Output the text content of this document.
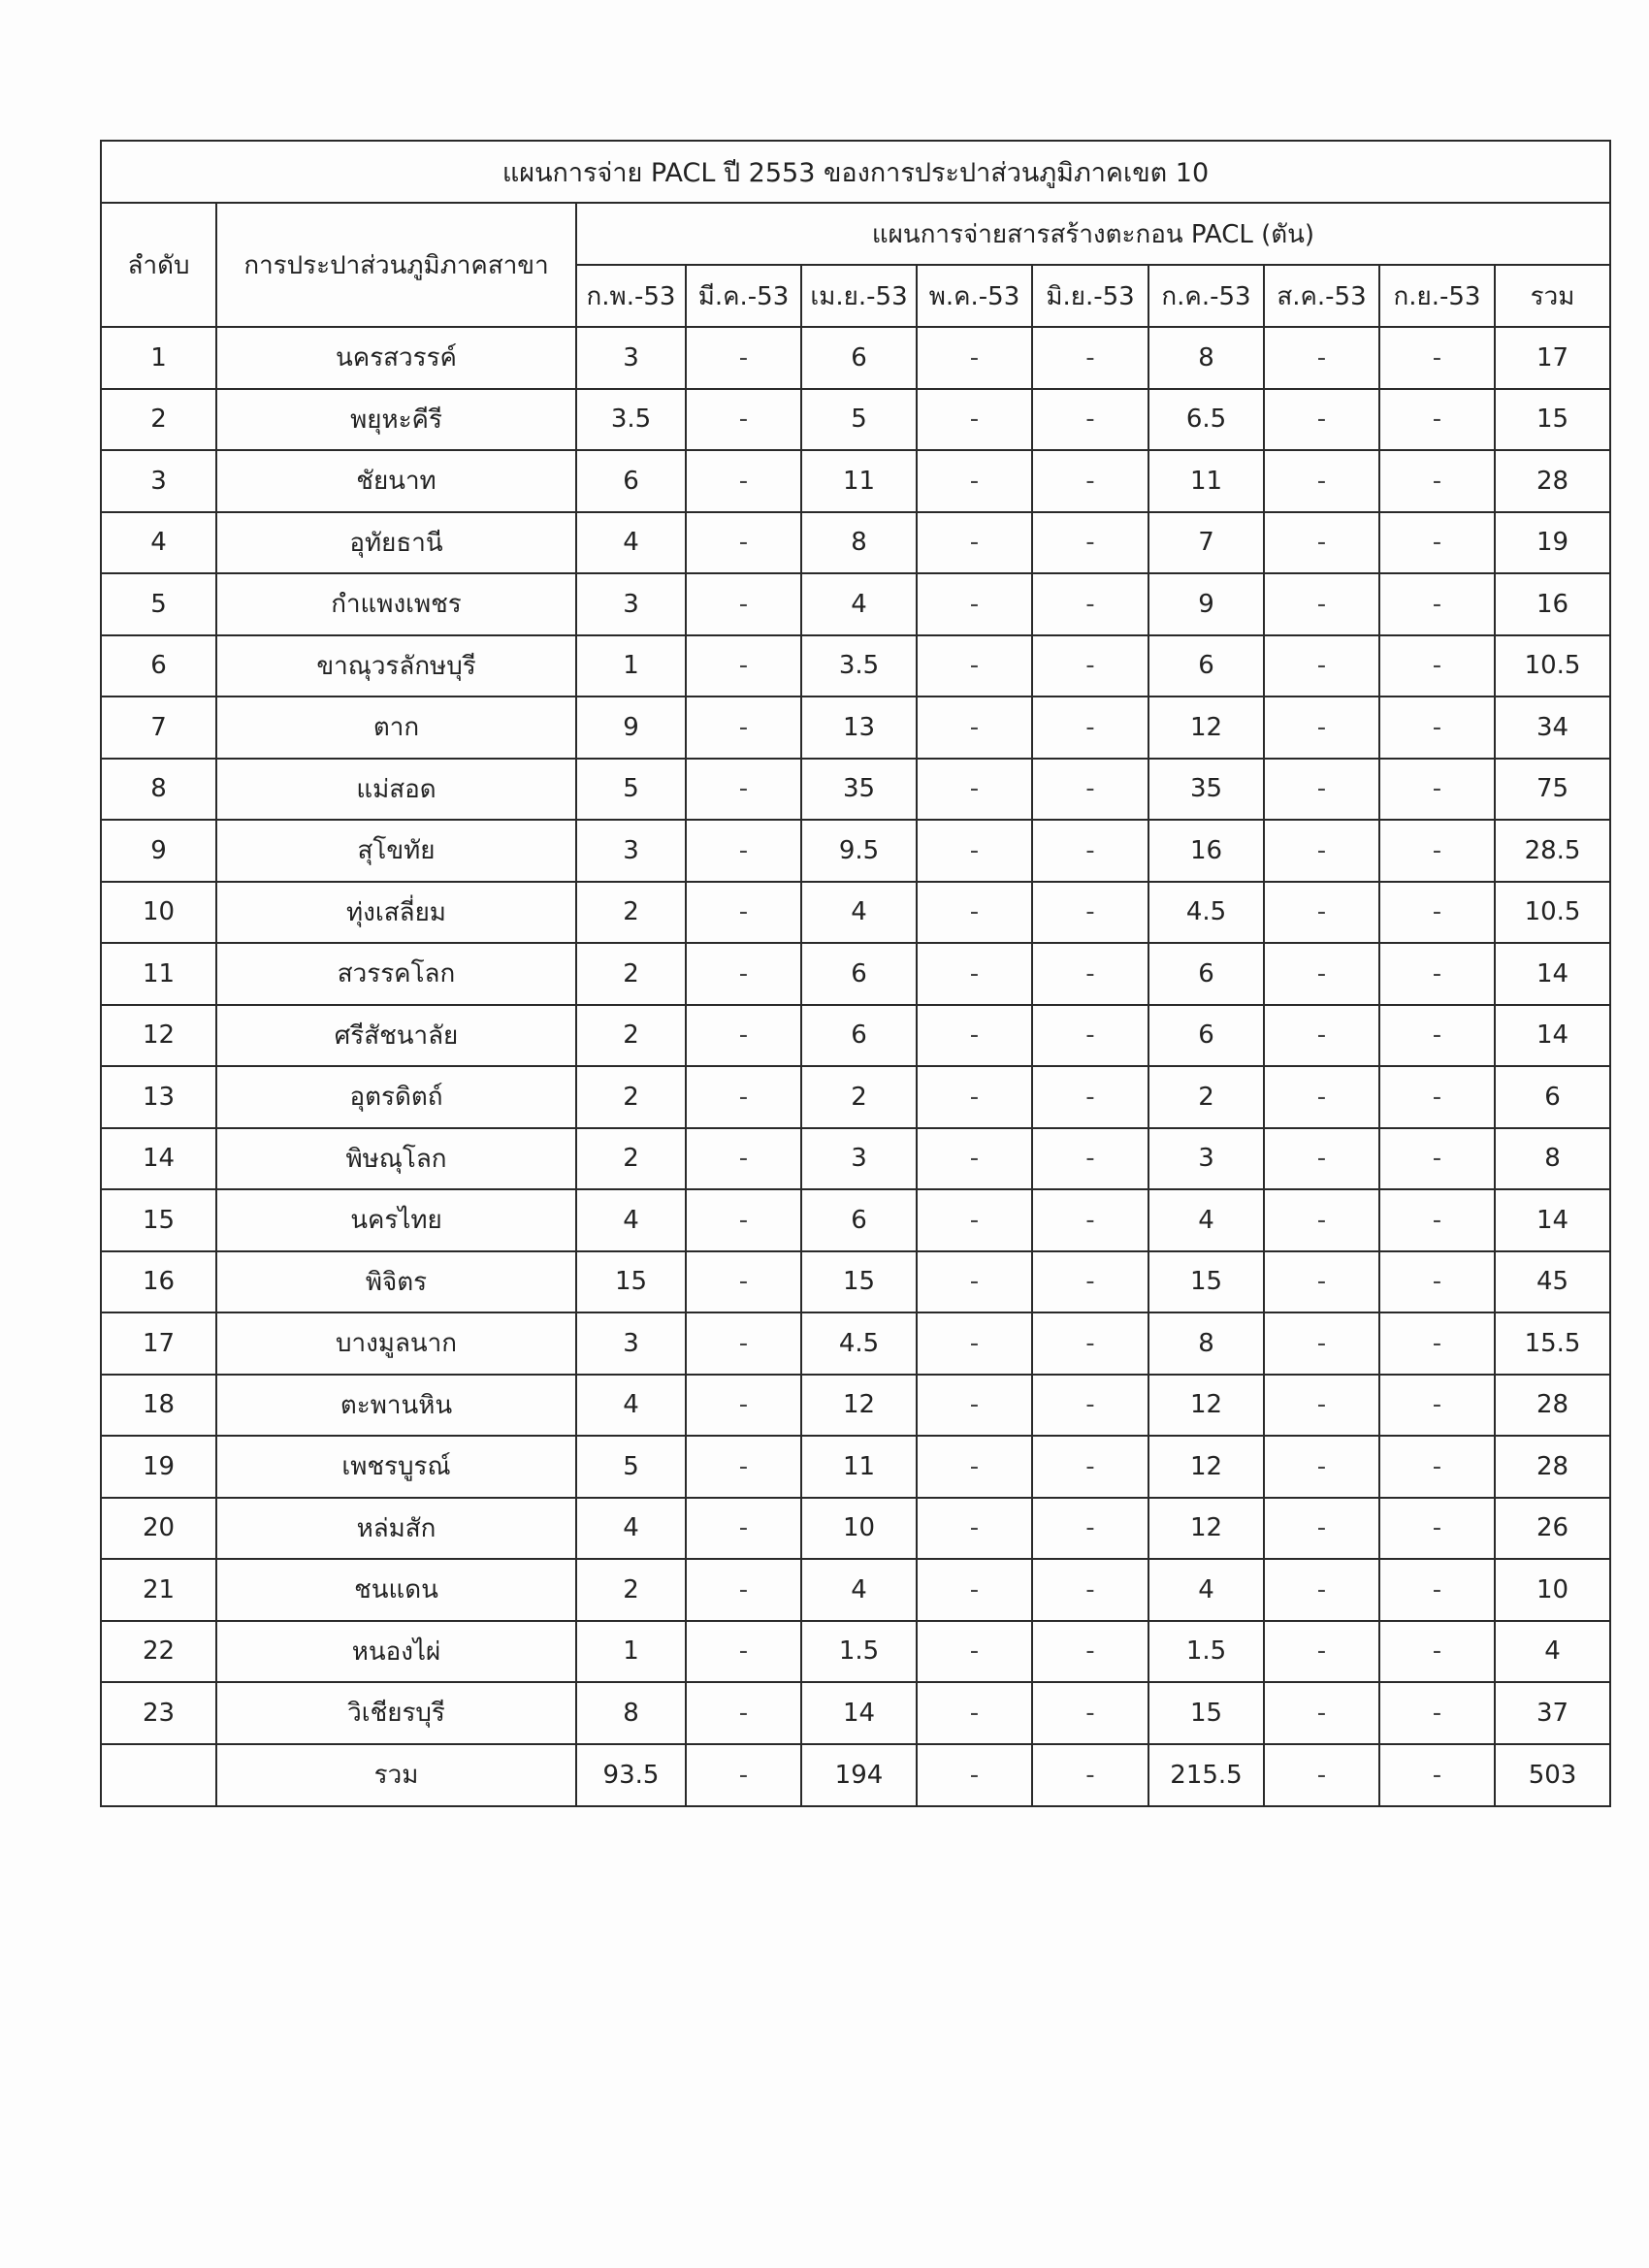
แผนการจ่าย PACL ปี 2553 ของการประปาส่วนภูมิภาคเขต 10										
ลำดับ	การประปาส่วนภูมิภาคสาขา	แผนการจ่ายสารสร้างตะกอน PACL (ตัน)								
		ก.พ.-53	มี.ค.-53	เม.ย.-53	พ.ค.-53	มิ.ย.-53	ก.ค.-53	ส.ค.-53	ก.ย.-53	รวม
1	นครสวรรค์	3	-	6	-	-	8	-	-	17
2	พยุหะคีรี	3.5	-	5	-	-	6.5	-	-	15
3	ชัยนาท	6	-	11	-	-	11	-	-	28
4	อุทัยธานี	4	-	8	-	-	7	-	-	19
5	กำแพงเพชร	3	-	4	-	-	9	-	-	16
6	ขาณุวรลักษบุรี	1	-	3.5	-	-	6	-	-	10.5
7	ตาก	9	-	13	-	-	12	-	-	34
8	แม่สอด	5	-	35	-	-	35	-	-	75
9	สุโขทัย	3	-	9.5	-	-	16	-	-	28.5
10	ทุ่งเสลี่ยม	2	-	4	-	-	4.5	-	-	10.5
11	สวรรคโลก	2	-	6	-	-	6	-	-	14
12	ศรีสัชนาลัย	2	-	6	-	-	6	-	-	14
13	อุตรดิตถ์	2	-	2	-	-	2	-	-	6
14	พิษณุโลก	2	-	3	-	-	3	-	-	8
15	นครไทย	4	-	6	-	-	4	-	-	14
16	พิจิตร	15	-	15	-	-	15	-	-	45
17	บางมูลนาก	3	-	4.5	-	-	8	-	-	15.5
18	ตะพานหิน	4	-	12	-	-	12	-	-	28
19	เพชรบูรณ์	5	-	11	-	-	12	-	-	28
20	หล่มสัก	4	-	10	-	-	12	-	-	26
21	ชนแดน	2	-	4	-	-	4	-	-	10
22	หนองไผ่	1	-	1.5	-	-	1.5	-	-	4
23	วิเชียรบุรี	8	-	14	-	-	15	-	-	37
	รวม	93.5	-	194	-	-	215.5	-	-	503
